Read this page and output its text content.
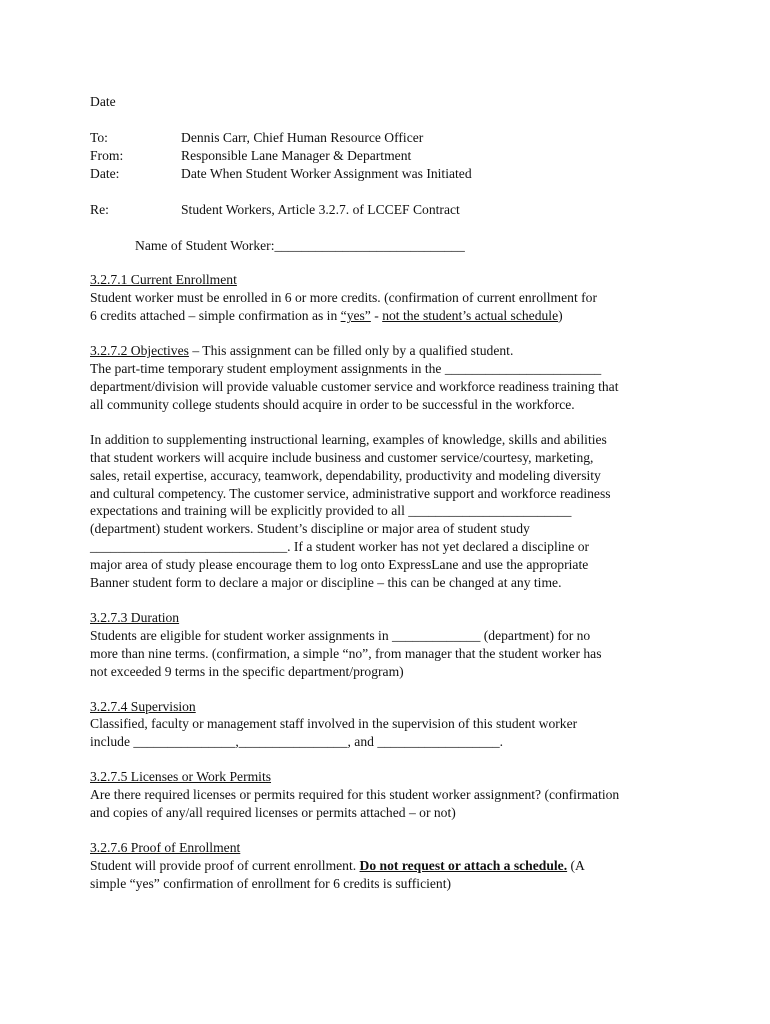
Date
To:	Dennis Carr, Chief Human Resource Officer
From:	Responsible Lane Manager & Department
Date:	Date When Student Worker Assignment was Initiated
Re:	Student Workers, Article 3.2.7. of LCCEF Contract
Name of Student Worker:____________________________
3.2.7.1 Current Enrollment
Student worker must be enrolled in 6 or more credits. (confirmation of current enrollment for
6 credits attached – simple confirmation as in “yes” - not the student’s actual schedule)
3.2.7.2 Objectives – This assignment can be filled only by a qualified student.
The part-time temporary student employment assignments in the _______________________
department/division will provide valuable customer service and workforce readiness training that
all community college students should acquire in order to be successful in the workforce.
In addition to supplementing instructional learning, examples of knowledge, skills and abilities
that student workers will acquire include business and customer service/courtesy, marketing,
sales, retail expertise, accuracy, teamwork, dependability, productivity and modeling diversity
and cultural competency. The customer service, administrative support and workforce readiness
expectations and training will be explicitly provided to all ________________________
(department) student workers. Student’s discipline or major area of student study
_____________________________. If a student worker has not yet declared a discipline or
major area of study please encourage them to log onto ExpressLane and use the appropriate
Banner student form to declare a major or discipline – this can be changed at any time.
3.2.7.3 Duration
Students are eligible for student worker assignments in _____________ (department) for no
more than nine terms. (confirmation, a simple “no”, from manager that the student worker has
not exceeded 9 terms in the specific department/program)
3.2.7.4 Supervision
Classified, faculty or management staff involved in the supervision of this student worker
include _______________,________________, and __________________.
3.2.7.5 Licenses or Work Permits
Are there required licenses or permits required for this student worker assignment? (confirmation
and copies of any/all required licenses or permits attached – or not)
3.2.7.6 Proof of Enrollment
Student will provide proof of current enrollment. Do not request or attach a schedule. (A
simple “yes” confirmation of enrollment for 6 credits is sufficient)
